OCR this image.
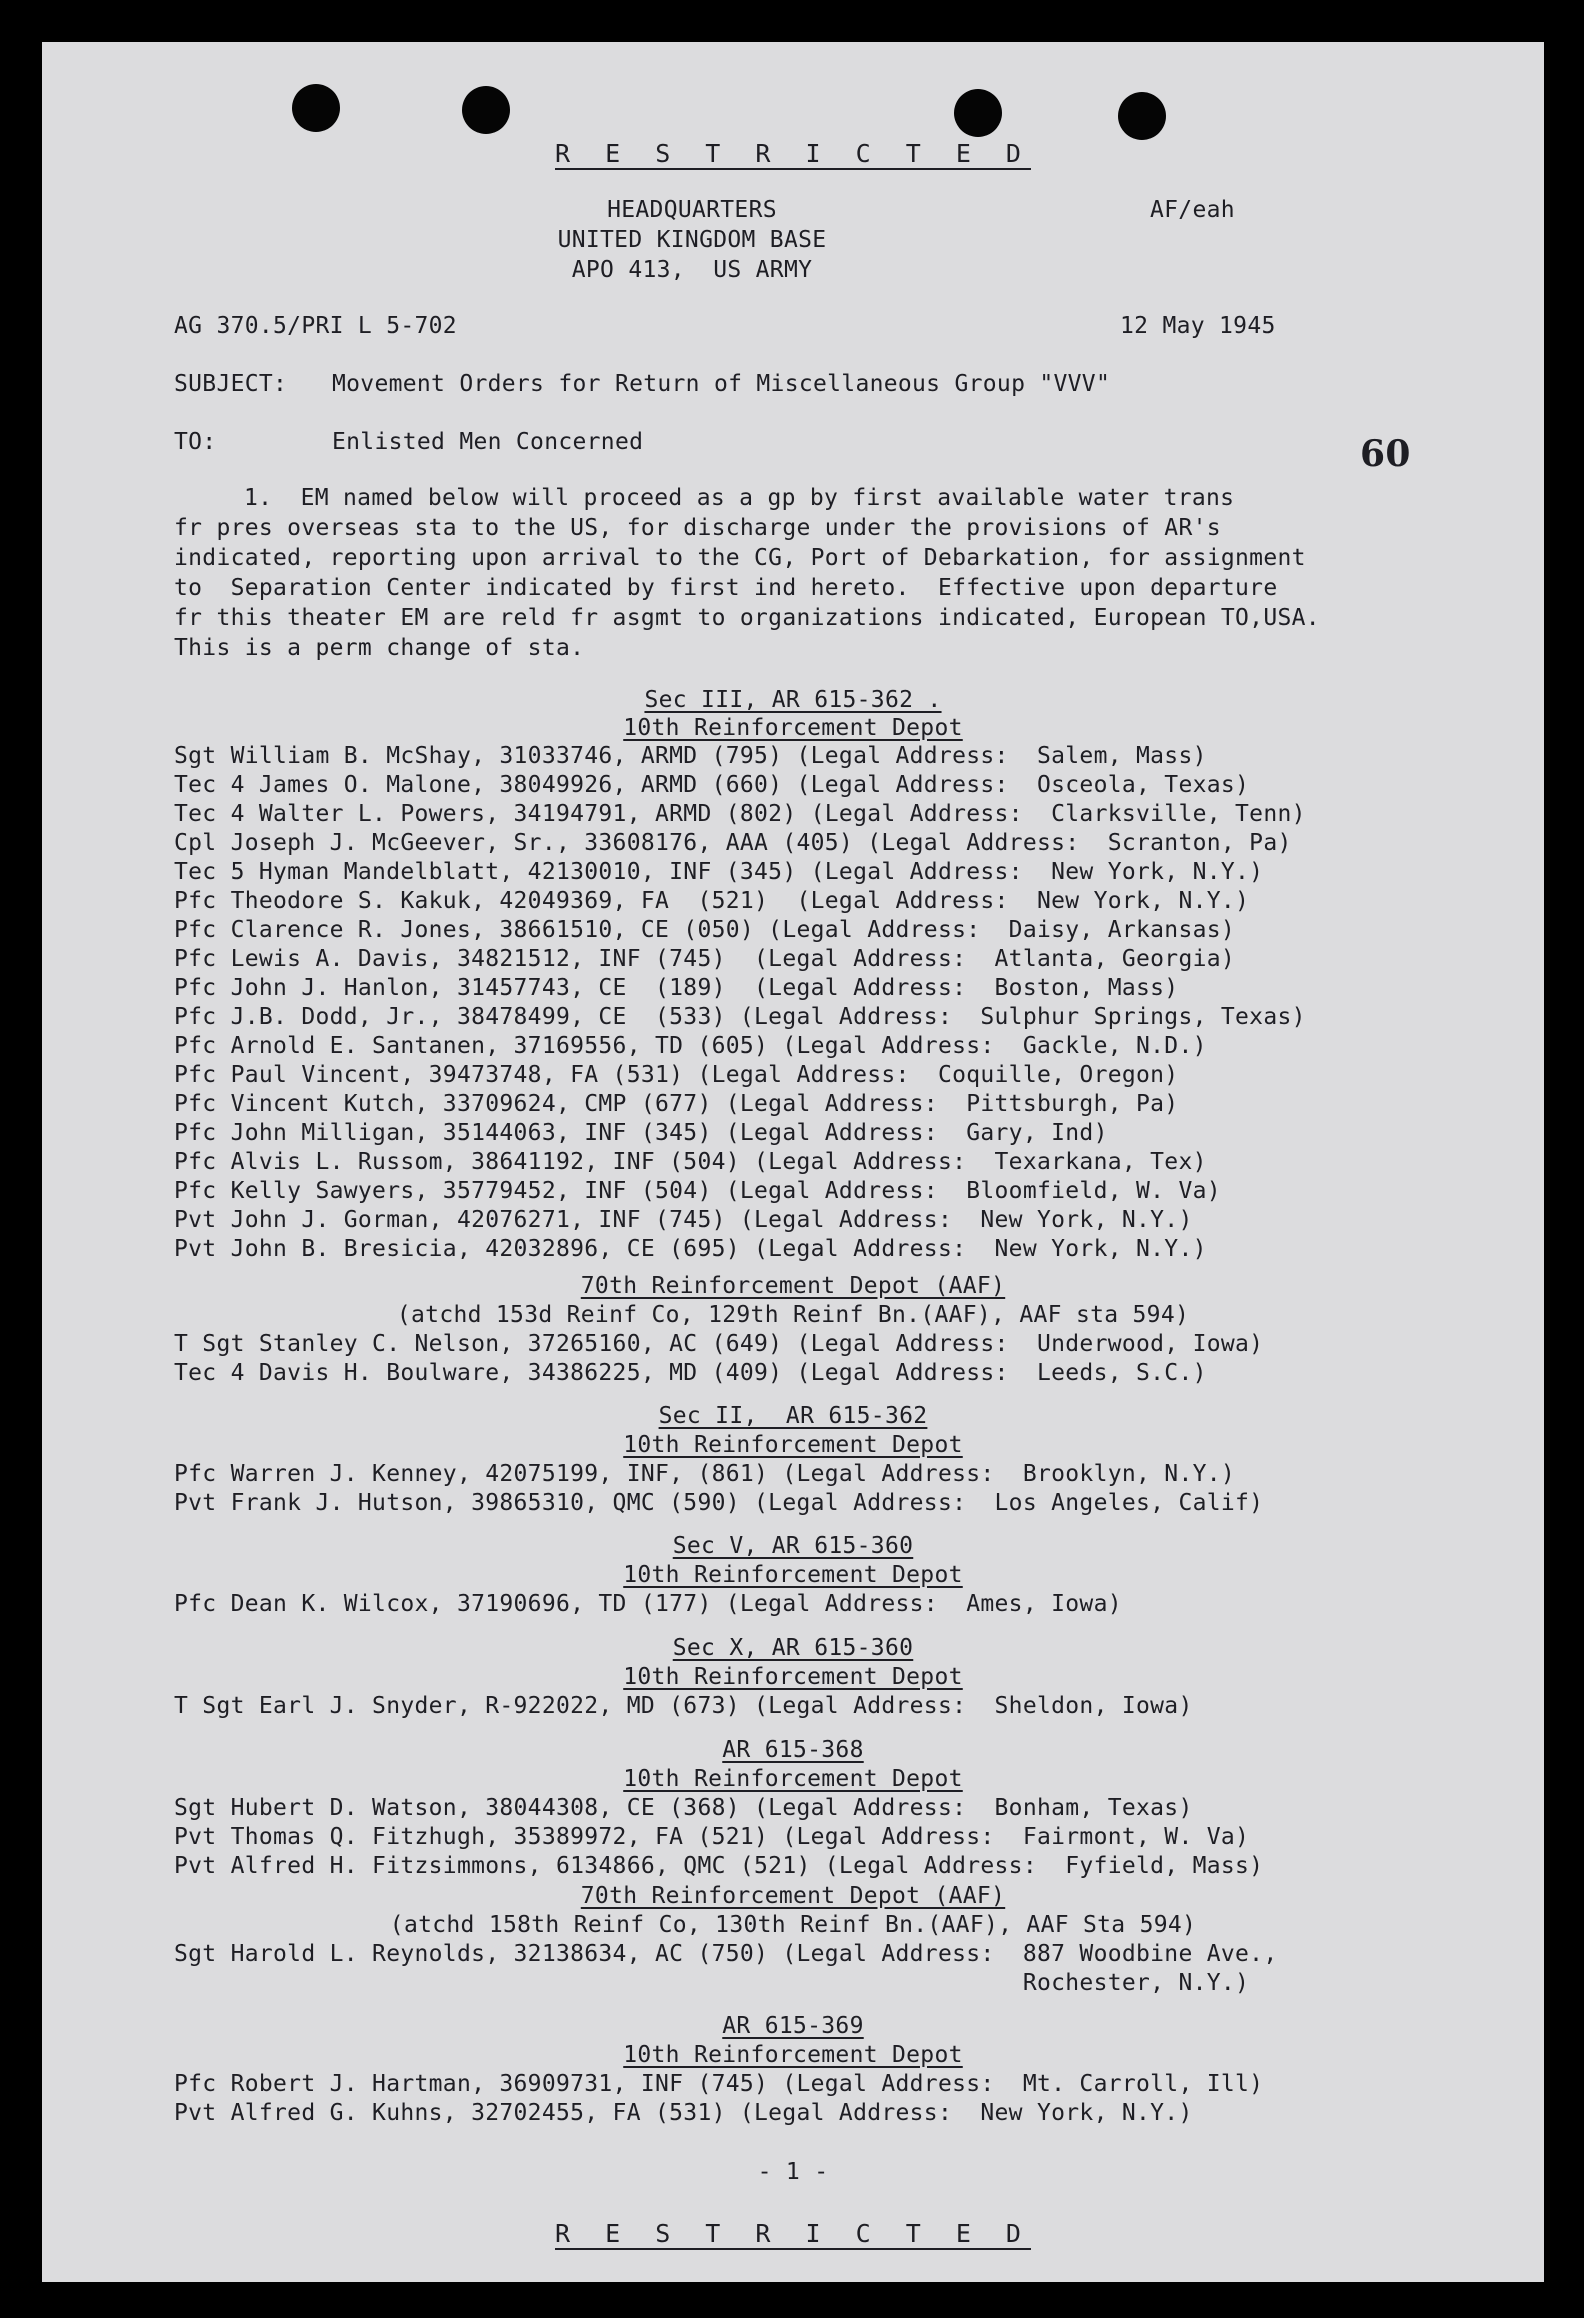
R E S T R I C T E D
HEADQUARTERS
UNITED KINGDOM BASE
APO 413,  US ARMY
AF/eah
AG 370.5/PRI L 5-702	12 May 1945
SUBJECT: Movement Orders for Return of Miscellaneous Group "VVV"
TO:	Enlisted Men Concerned	60
1.  EM named below will proceed as a gp by first available water trans
fr pres overseas sta to the US, for discharge under the provisions of AR's
indicated, reporting upon arrival to the CG, Port of Debarkation, for assignment
to  Separation Center indicated by first ind hereto.  Effective upon departure
fr this theater EM are reld fr asgmt to organizations indicated, European TO,USA.
This is a perm change of sta.
Sec III, AR 615-362 .
10th Reinforcement Depot
Sgt William B. McShay, 31033746, ARMD (795) (Legal Address:  Salem, Mass)
Tec 4 James O. Malone, 38049926, ARMD (660) (Legal Address:  Osceola, Texas)
Tec 4 Walter L. Powers, 34194791, ARMD (802) (Legal Address:  Clarksville, Tenn)
Cpl Joseph J. McGeever, Sr., 33608176, AAA (405) (Legal Address:  Scranton, Pa)
Tec 5 Hyman Mandelblatt, 42130010, INF (345) (Legal Address:  New York, N.Y.)
Pfc Theodore S. Kakuk, 42049369, FA  (521)  (Legal Address:  New York, N.Y.)
Pfc Clarence R. Jones, 38661510, CE (050) (Legal Address:  Daisy, Arkansas)
Pfc Lewis A. Davis, 34821512, INF (745)  (Legal Address:  Atlanta, Georgia)
Pfc John J. Hanlon, 31457743, CE  (189)  (Legal Address:  Boston, Mass)
Pfc J.B. Dodd, Jr., 38478499, CE  (533) (Legal Address:  Sulphur Springs, Texas)
Pfc Arnold E. Santanen, 37169556, TD (605) (Legal Address:  Gackle, N.D.)
Pfc Paul Vincent, 39473748, FA (531) (Legal Address:  Coquille, Oregon)
Pfc Vincent Kutch, 33709624, CMP (677) (Legal Address:  Pittsburgh, Pa)
Pfc John Milligan, 35144063, INF (345) (Legal Address:  Gary, Ind)
Pfc Alvis L. Russom, 38641192, INF (504) (Legal Address:  Texarkana, Tex)
Pfc Kelly Sawyers, 35779452, INF (504) (Legal Address:  Bloomfield, W. Va)
Pvt John J. Gorman, 42076271, INF (745) (Legal Address:  New York, N.Y.)
Pvt John B. Bresicia, 42032896, CE (695) (Legal Address:  New York, N.Y.)
70th Reinforcement Depot (AAF)
(atchd 153d Reinf Co, 129th Reinf Bn.(AAF), AAF sta 594)
T Sgt Stanley C. Nelson, 37265160, AC (649) (Legal Address:  Underwood, Iowa)
Tec 4 Davis H. Boulware, 34386225, MD (409) (Legal Address:  Leeds, S.C.)
Sec II,  AR 615-362
10th Reinforcement Depot
Pfc Warren J. Kenney, 42075199, INF, (861) (Legal Address:  Brooklyn, N.Y.)
Pvt Frank J. Hutson, 39865310, QMC (590) (Legal Address:  Los Angeles, Calif)
Sec V, AR 615-360
10th Reinforcement Depot
Pfc Dean K. Wilcox, 37190696, TD (177) (Legal Address:  Ames, Iowa)
Sec X, AR 615-360
10th Reinforcement Depot
T Sgt Earl J. Snyder, R-922022, MD (673) (Legal Address:  Sheldon, Iowa)
AR 615-368
10th Reinforcement Depot
Sgt Hubert D. Watson, 38044308, CE (368) (Legal Address:  Bonham, Texas)
Pvt Thomas Q. Fitzhugh, 35389972, FA (521) (Legal Address:  Fairmont, W. Va)
Pvt Alfred H. Fitzsimmons, 6134866, QMC (521) (Legal Address:  Fyfield, Mass)
70th Reinforcement Depot (AAF)
(atchd 158th Reinf Co, 130th Reinf Bn.(AAF), AAF Sta 594)
Sgt Harold L. Reynolds, 32138634, AC (750) (Legal Address:  887 Woodbine Ave.,
Rochester, N.Y.)
AR 615-369
10th Reinforcement Depot
Pfc Robert J. Hartman, 36909731, INF (745) (Legal Address:  Mt. Carroll, Ill)
Pvt Alfred G. Kuhns, 32702455, FA (531) (Legal Address:  New York, N.Y.)
- 1 -
R E S T R I C T E D
